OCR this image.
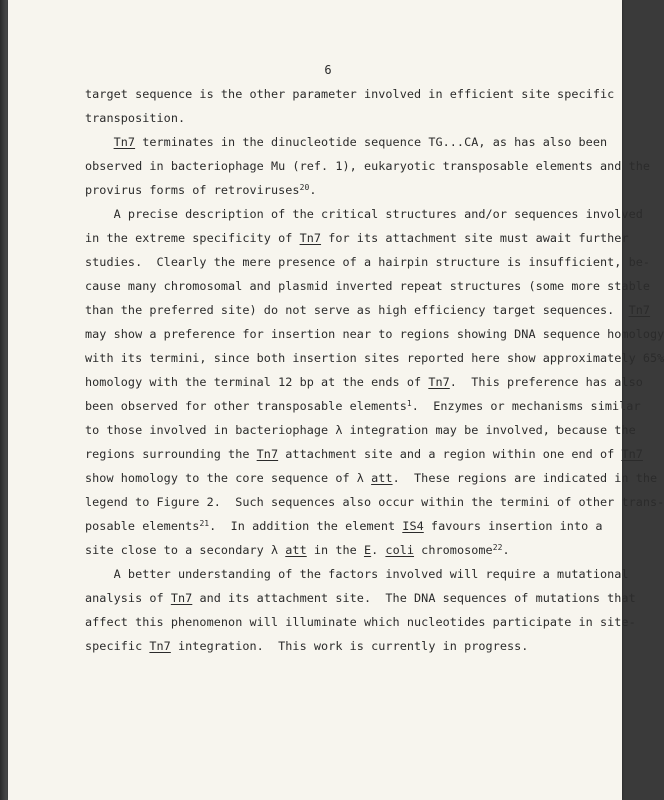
6
target sequence is the other parameter involved in efficient site specific
transposition.
Tn7 terminates in the dinucleotide sequence TG...CA, as has also been
observed in bacteriophage Mu (ref. 1), eukaryotic transposable elements and the
provirus forms of retroviruses$^{20}$.
A precise description of the critical structures and/or sequences involved
in the extreme specificity of Tn7 for its attachment site must await further
studies.  Clearly the mere presence of a hairpin structure is insufficient, be-
cause many chromosomal and plasmid inverted repeat structures (some more stable
than the preferred site) do not serve as high efficiency target sequences.  Tn7
may show a preference for insertion near to regions showing DNA sequence homology
with its termini, since both insertion sites reported here show approximately 65%
homology with the terminal 12 bp at the ends of Tn7.  This preference has also
been observed for other transposable elements$^1$.  Enzymes or mechanisms similar
to those involved in bacteriophage λ integration may be involved, because the
regions surrounding the Tn7 attachment site and a region within one end of Tn7
show homology to the core sequence of λ att.  These regions are indicated in the
legend to Figure 2.  Such sequences also occur within the termini of other trans-
posable elements$^{21}$.  In addition the element IS4 favours insertion into a
site close to a secondary λ att in the E. coli chromosome$^{22}$.
A better understanding of the factors involved will require a mutational
analysis of Tn7 and its attachment site.  The DNA sequences of mutations that
affect this phenomenon will illuminate which nucleotides participate in site-
specific Tn7 integration.  This work is currently in progress.
